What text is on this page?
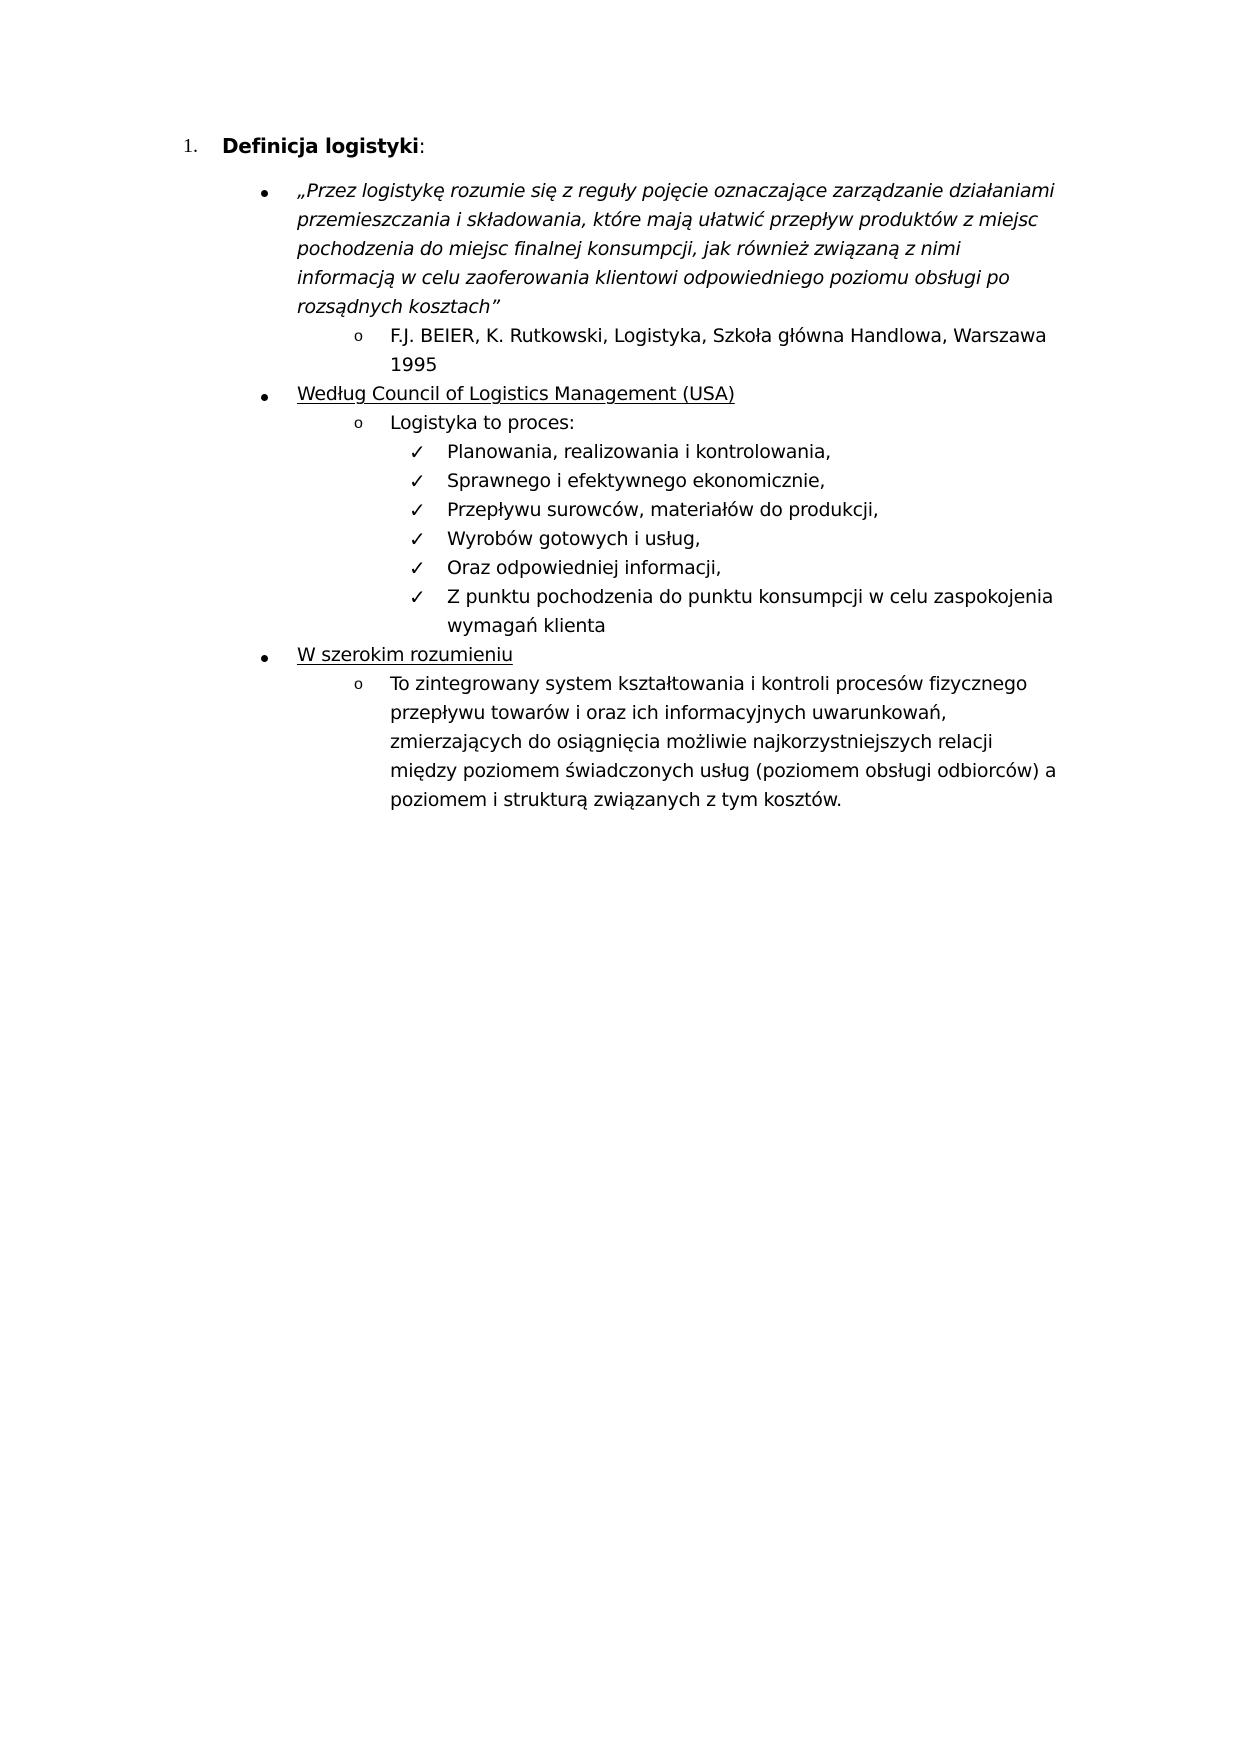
1. Definicja logistyki:
„Przez logistykę rozumie się z reguły pojęcie oznaczające zarządzanie działaniami
przemieszczania i składowania, które mają ułatwić przepływ produktów z miejsc
pochodzenia do miejsc finalnej konsumpcji, jak również związaną z nimi
informacją w celu zaoferowania klientowi odpowiedniego poziomu obsługi po
rozsądnych kosztach”
o F.J. BEIER, K. Rutkowski, Logistyka, Szkoła główna Handlowa, Warszawa
1995
Według Council of Logistics Management (USA)
o Logistyka to proces:
✓ Planowania, realizowania i kontrolowania,
✓ Sprawnego i efektywnego ekonomicznie,
✓ Przepływu surowców, materiałów do produkcji,
✓ Wyrobów gotowych i usług,
✓ Oraz odpowiedniej informacji,
✓ Z punktu pochodzenia do punktu konsumpcji w celu zaspokojenia
wymagań klienta
W szerokim rozumieniu
o To zintegrowany system kształtowania i kontroli procesów fizycznego
przepływu towarów i oraz ich informacyjnych uwarunkowań,
zmierzających do osiągnięcia możliwie najkorzystniejszych relacji
między poziomem świadczonych usług (poziomem obsługi odbiorców) a
poziomem i strukturą związanych z tym kosztów.
